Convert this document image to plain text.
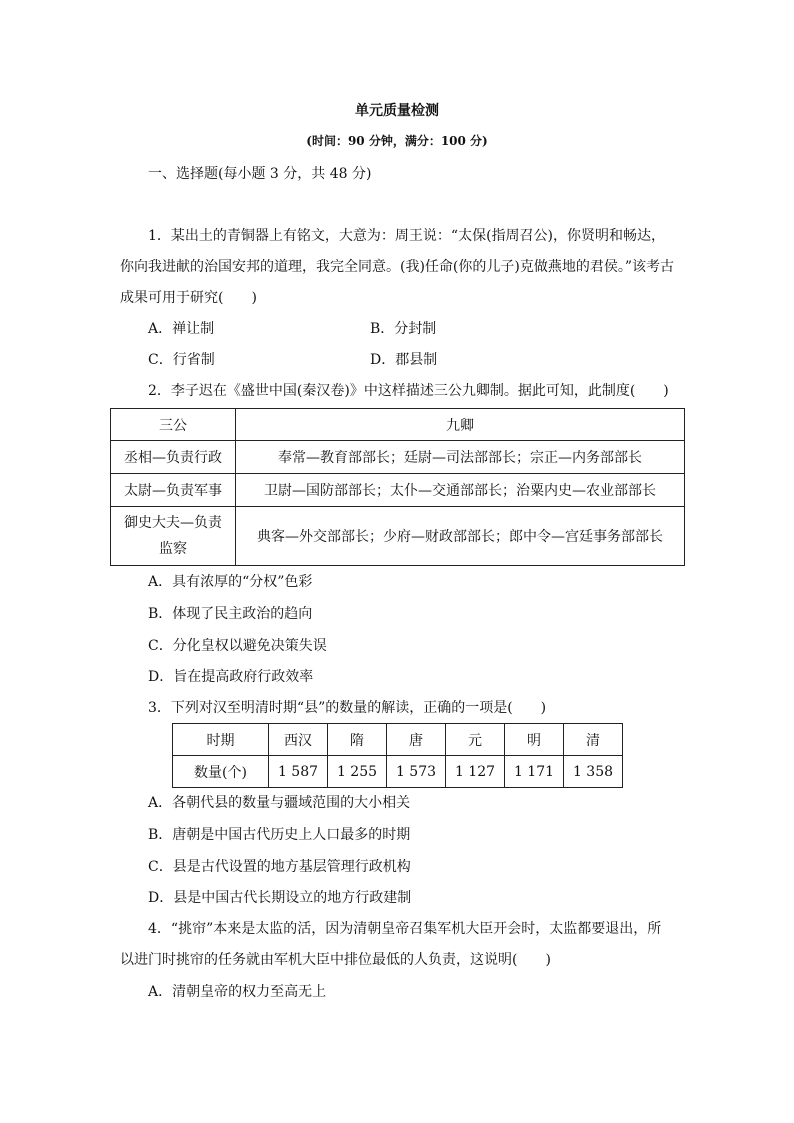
单元质量检测
(时间：90 分钟，满分：100 分)
一、选择题(每小题 3 分，共 48 分)
1．某出土的青铜器上有铭文，大意为：周王说：“太保(指周召公)，你贤明和畅达，
你向我进献的治国安邦的道理，我完全同意。(我)任命(你的儿子)克做燕地的君侯。”该考古
成果可用于研究(　　)
A．禅让制	B．分封制
C．行省制	D．郡县制
2．李子迟在《盛世中国(秦汉卷)》中这样描述三公九卿制。据此可知，此制度(　　)
三公	九卿
丞相—负责行政	奉常—教育部部长；廷尉—司法部部长；宗正—内务部部长
太尉—负责军事	卫尉—国防部部长；太仆—交通部部长；治粟内史—农业部部长

御史大夫—负责
监察	典客—外交部部长；少府—财政部部长；郎中令—宫廷事务部部长
A．具有浓厚的“分权”色彩
B．体现了民主政治的趋向
C．分化皇权以避免决策失误
D．旨在提高政府行政效率
3．下列对汉至明清时期“县”的数量的解读，正确的一项是(　　)
时期	西汉	隋	唐	元	明	清
数量(个)	1 587	1 255	1 573	1 127	1 171	1 358
A．各朝代县的数量与疆域范围的大小相关
B．唐朝是中国古代历史上人口最多的时期
C．县是古代设置的地方基层管理行政机构
D．县是中国古代长期设立的地方行政建制
4．“挑帘”本来是太监的活，因为清朝皇帝召集军机大臣开会时，太监都要退出，所
以进门时挑帘的任务就由军机大臣中排位最低的人负责，这说明(　　)
A．清朝皇帝的权力至高无上
